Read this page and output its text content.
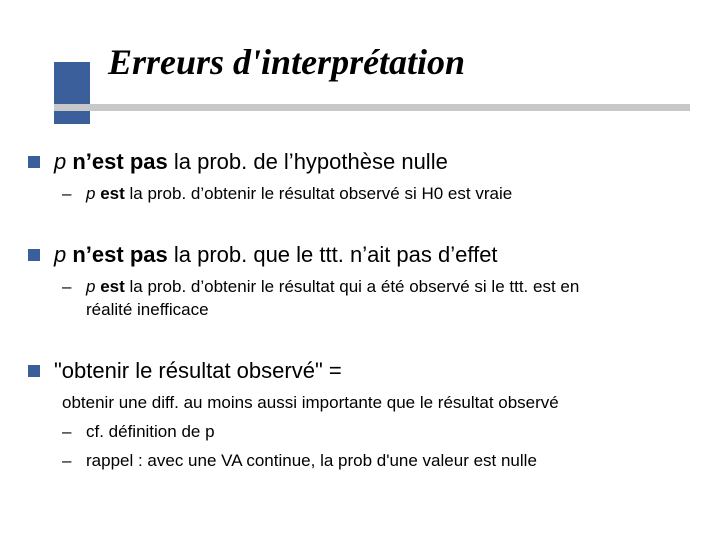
Erreurs d'interprétation
p n’est pas la prob. de l’hypothèse nulle
– p est la prob. d’obtenir le résultat observé si H0 est vraie
p n’est pas la prob. que le ttt. n’ait pas d’effet
– p est la prob. d’obtenir le résultat qui a été observé si le ttt. est en
réalité inefficace
"obtenir le résultat observé" =
obtenir une diff. au moins aussi importante que le résultat observé
– cf. définition de p
– rappel : avec une VA continue, la prob d'une valeur est nulle
